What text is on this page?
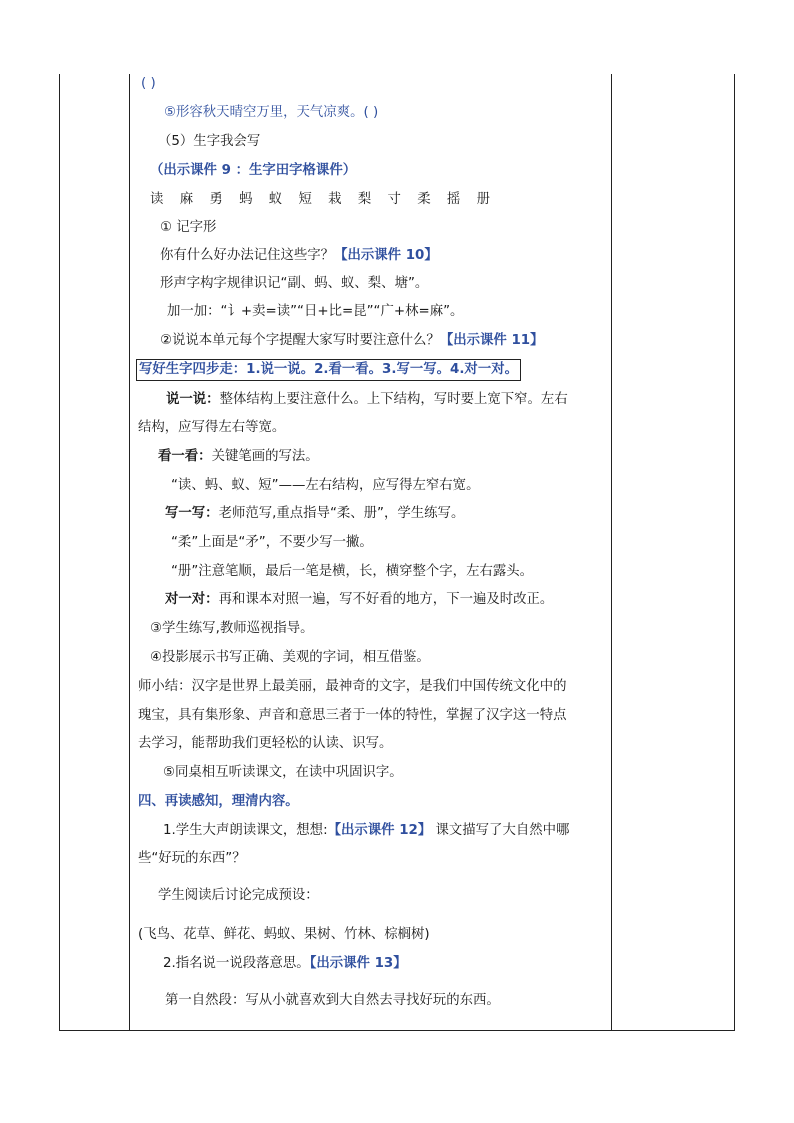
( )
⑤形容秋天晴空万里，天气凉爽。( )
（5）生字我会写
（出示课件 9 ：生字田字格课件）
读 麻 勇 蚂 蚁 短 栽 梨 寸 柔 摇 册
① 记字形
你有什么好办法记住这些字？【出示课件 10】
形声字构字规律识记“副、蚂、蚁、梨、塘”。
加一加：“讠+卖=读”“日+比=昆”“广+林=麻”。
②说说本单元每个字提醒大家写时要注意什么？【出示课件 11】
写好生字四步走：1.说一说。2.看一看。3.写一写。4.对一对。
说一说：整体结构上要注意什么。上下结构，写时要上宽下窄。左右
结构，应写得左右等宽。
看一看：关键笔画的写法。
“读、蚂、蚁、短”——左右结构，应写得左窄右宽。
写一写：老师范写,重点指导“柔、册”，学生练写。
“柔”上面是“矛”，不要少写一撇。
“册”注意笔顺，最后一笔是横，长，横穿整个字，左右露头。
对一对：再和课本对照一遍，写不好看的地方，下一遍及时改正。
③学生练写,教师巡视指导。
④投影展示书写正确、美观的字词，相互借鉴。
师小结：汉字是世界上最美丽，最神奇的文字，是我们中国传统文化中的
瑰宝，具有集形象、声音和意思三者于一体的特性，掌握了汉字这一特点
去学习，能帮助我们更轻松的认读、识写。
⑤同桌相互听读课文，在读中巩固识字。
四、再读感知，理清内容。
1.学生大声朗读课文，想想:【出示课件 12】 课文描写了大自然中哪
些“好玩的东西”？
学生阅读后讨论完成预设：
(飞鸟、花草、鲜花、蚂蚁、果树、竹林、棕榈树)
2.指名说一说段落意思。【出示课件 13】
第一自然段：写从小就喜欢到大自然去寻找好玩的东西。
